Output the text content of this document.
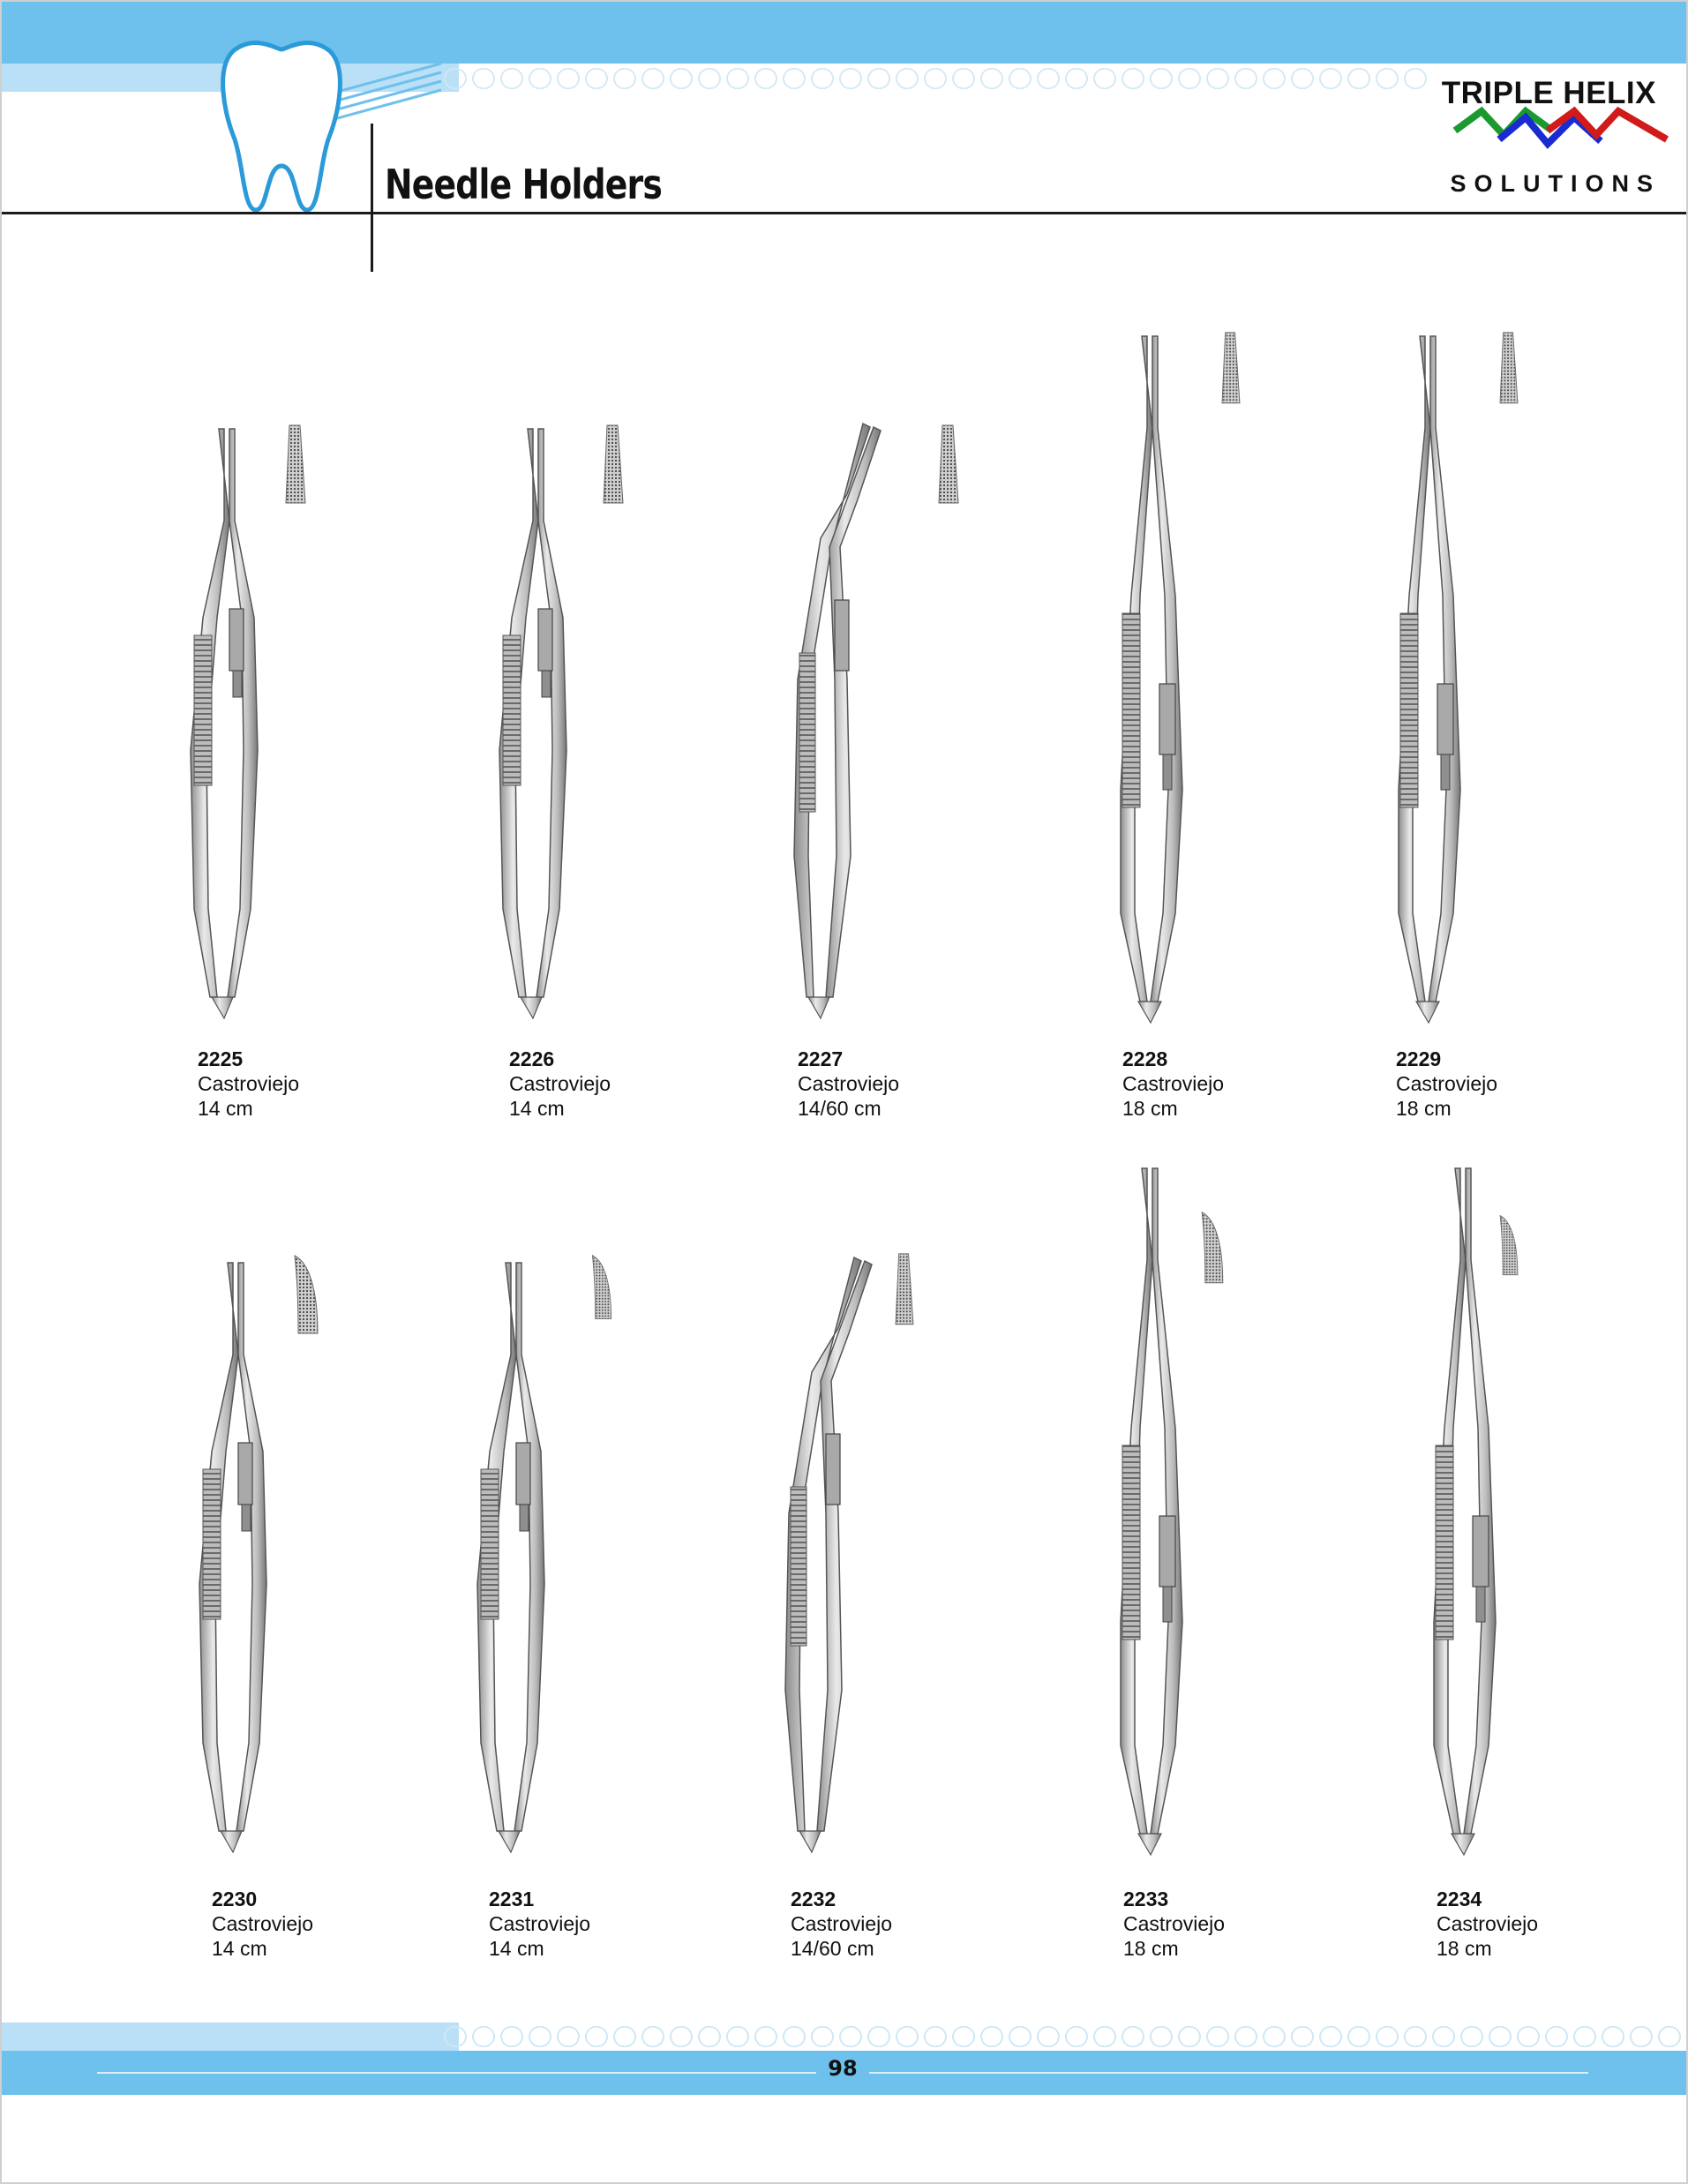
Needle Holders
TRIPLE HELIX
SOLUTIONS
2225
Castroviejo
14 cm
2226
Castroviejo
14 cm
2227
Castroviejo
14/60 cm
2228
Castroviejo
18 cm
2229
Castroviejo
18 cm
2230
Castroviejo
14 cm
2231
Castroviejo
14 cm
2232
Castroviejo
14/60 cm
2233
Castroviejo
18 cm
2234
Castroviejo
18 cm
98
